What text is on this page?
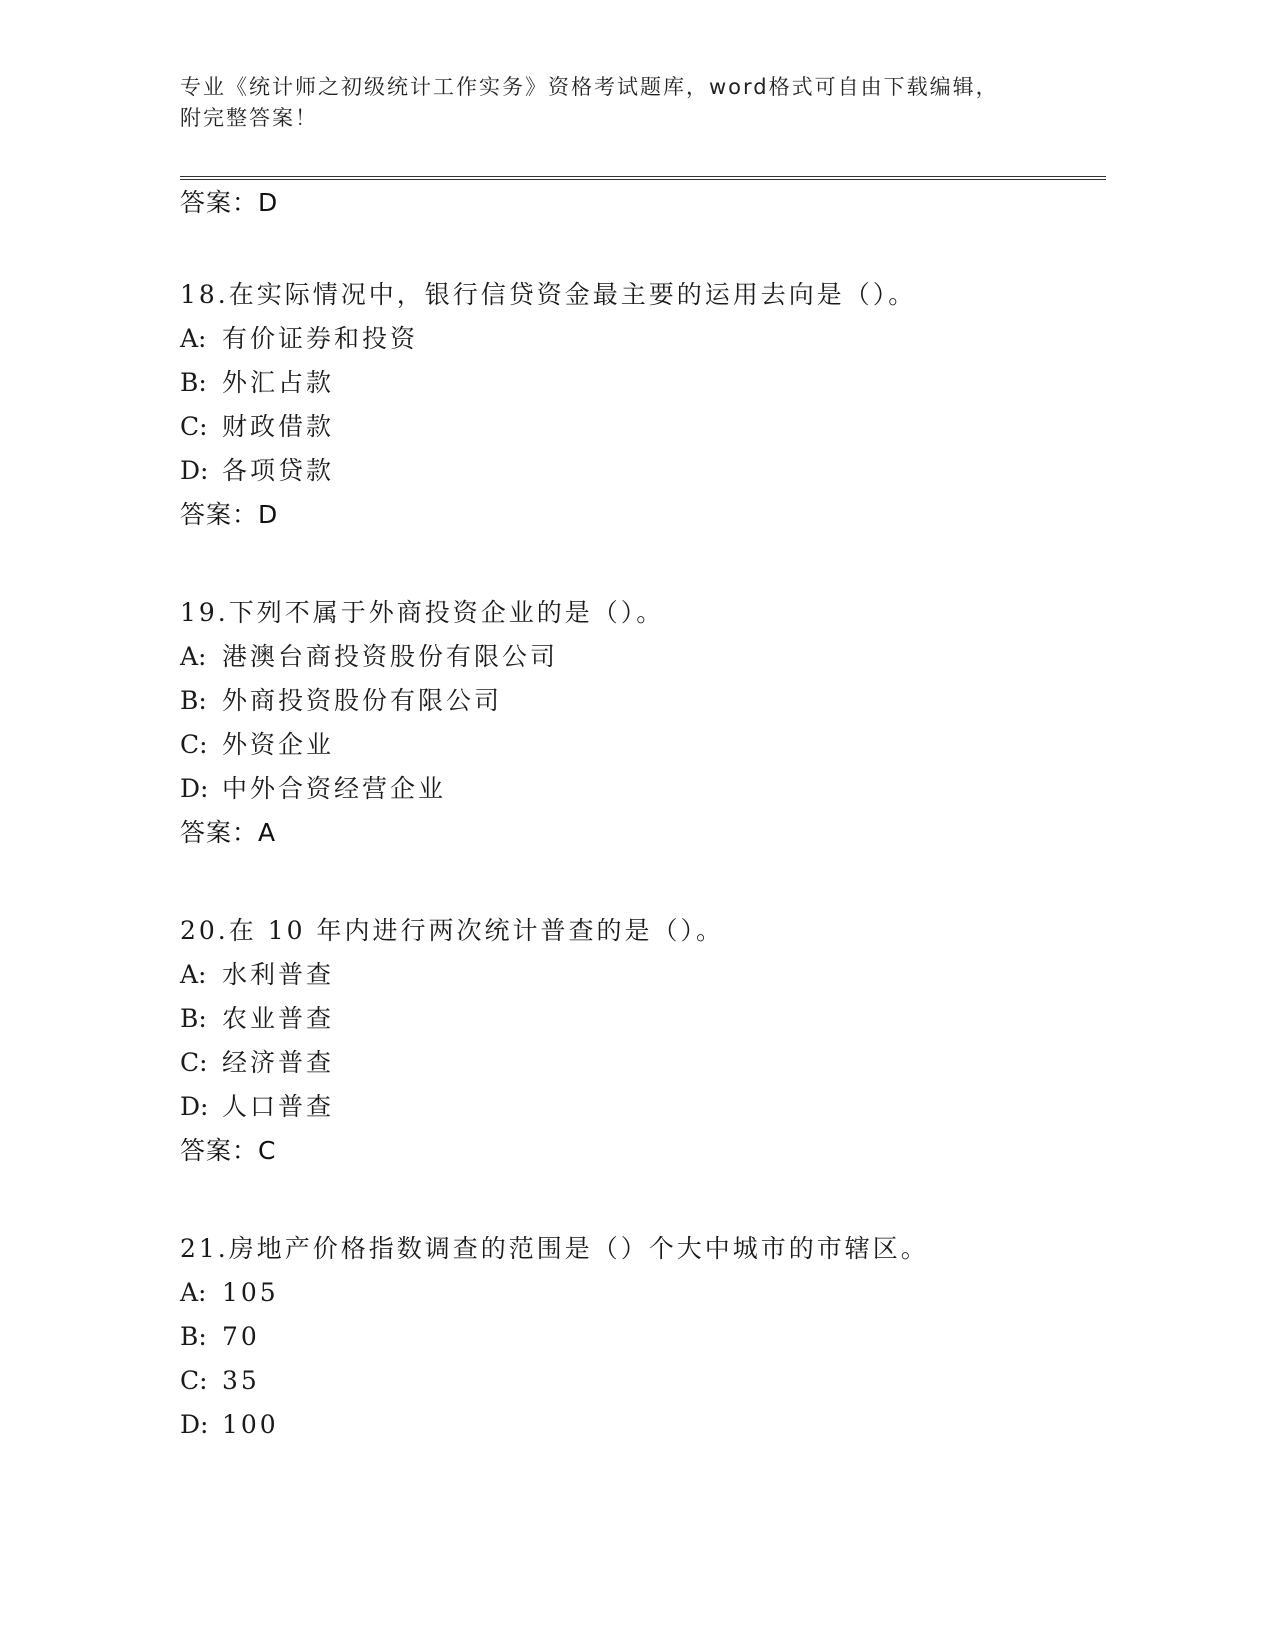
专业《统计师之初级统计工作实务》资格考试题库，word格式可自由下载编辑，
附完整答案！
答案：D
18.在实际情况中，银行信贷资金最主要的运用去向是（）。
A: 有价证券和投资
B: 外汇占款
C: 财政借款
D: 各项贷款
答案：D
19.下列不属于外商投资企业的是（）。
A: 港澳台商投资股份有限公司
B: 外商投资股份有限公司
C: 外资企业
D: 中外合资经营企业
答案：A
20.在 10 年内进行两次统计普查的是（）。
A: 水利普查
B: 农业普查
C: 经济普查
D: 人口普查
答案：C
21.房地产价格指数调查的范围是（）个大中城市的市辖区。
A: 105
B: 70
C: 35
D: 100
